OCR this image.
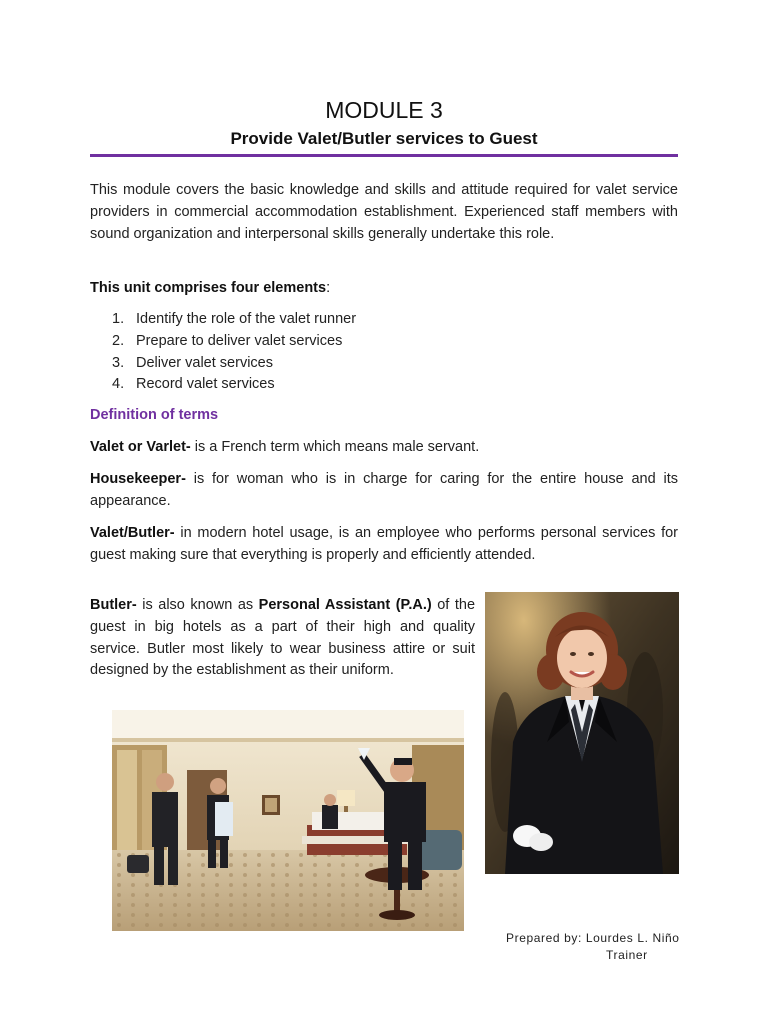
MODULE 3
Provide Valet/Butler services to Guest
This module covers the basic knowledge and skills and attitude required for valet service providers in commercial accommodation establishment. Experienced staff members with sound organization and interpersonal skills generally undertake this role.
This unit comprises four elements:
1. Identify the role of the valet runner
2. Prepare to deliver valet services
3. Deliver valet services
4. Record valet services
Definition of terms
Valet or Varlet- is a French term which means male servant.
Housekeeper- is for woman who is in charge for caring for the entire house and its appearance.
Valet/Butler- in modern hotel usage, is an employee who performs personal services for guest making sure that everything is properly and efficiently attended.
Butler- is also known as Personal Assistant (P.A.) of the guest in big hotels as a part of their high and quality service. Butler most likely to wear business attire or suit designed by the establishment as their uniform.
Prepared by: Lourdes L. Niño
Trainer
